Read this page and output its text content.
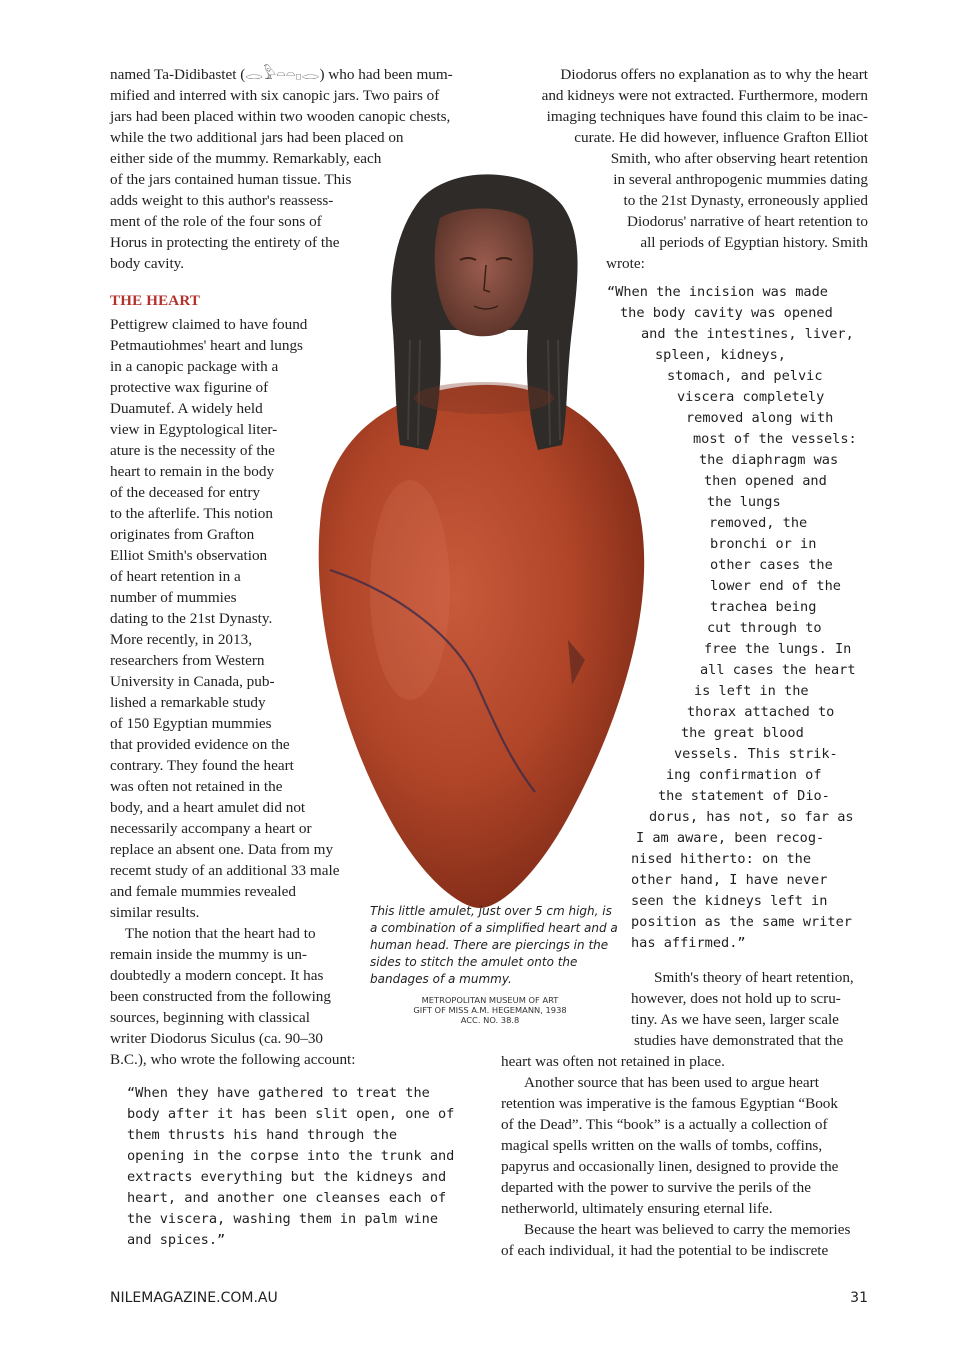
named Ta-Didibastet (𓂋𓅱𓏏𓏏𓊪𓂋) who had been mum-
mified and interred with six canopic jars. Two pairs of
jars had been placed within two wooden canopic chests,
while the two additional jars had been placed on
either side of the mummy. Remarkably, each
of the jars contained human tissue. This
adds weight to this author's reassess-
ment of the role of the four sons of
Horus in protecting the entirety of the
body cavity.
THE HEART
Pettigrew claimed to have found
Petmautiohmes' heart and lungs
in a canopic package with a
protective wax figurine of
Duamutef. A widely held
view in Egyptological liter-
ature is the necessity of the
heart to remain in the body
of the deceased for entry
to the afterlife. This notion
originates from Grafton
Elliot Smith's observation
of heart retention in a
number of mummies
dating to the 21st Dynasty.
More recently, in 2013,
researchers from Western
University in Canada, pub-
lished a remarkable study
of 150 Egyptian mummies
that provided evidence on the
contrary. They found the heart
was often not retained in the
body, and a heart amulet did not
necessarily accompany a heart or
replace an absent one. Data from my
recemt study of an additional 33 male
and female mummies revealed
similar results.
The notion that the heart had to
remain inside the mummy is un-
doubtedly a modern concept. It has
been constructed from the following
sources, beginning with classical
writer Diodorus Siculus (ca. 90–30
B.C.), who wrote the following account:
“When they have gathered to treat the
body after it has been slit open, one of
them thrusts his hand through the
opening in the corpse into the trunk and
extracts everything but the kidneys and
heart, and another one cleanses each of
the viscera, washing them in palm wine
and spices.”
Diodorus offers no explanation as to why the heart
and kidneys were not extracted. Furthermore, modern
imaging techniques have found this claim to be inac-
curate. He did however, influence Grafton Elliot
Smith, who after observing heart retention
in several anthropogenic mummies dating
to the 21st Dynasty, erroneously applied
Diodorus' narrative of heart retention to
all periods of Egyptian history. Smith
wrote:
“When the incision was made
the body cavity was opened
and the intestines, liver,
spleen, kidneys,
stomach, and pelvic
viscera completely
removed along with
most of the vessels:
the diaphragm was
then opened and
the lungs
removed, the
bronchi or in
other cases the
lower end of the
trachea being
cut through to
free the lungs. In
all cases the heart
is left in the
thorax attached to
the great blood
vessels. This strik-
ing confirmation of
the statement of Dio-
dorus, has not, so far as
I am aware, been recog-
nised hitherto: on the
other hand, I have never
seen the kidneys left in
position as the same writer
has affirmed.”
Smith's theory of heart retention,
however, does not hold up to scru-
tiny. As we have seen, larger scale
studies have demonstrated that the
heart was often not retained in place.
Another source that has been used to argue heart
retention was imperative is the famous Egyptian “Book
of the Dead”. This “book” is a actually a collection of
magical spells written on the walls of tombs, coffins,
papyrus and occasionally linen, designed to provide the
departed with the power to survive the perils of the
netherworld, ultimately ensuring eternal life.
Because the heart was believed to carry the memories
of each individual, it had the potential to be indiscrete
This little amulet, just over 5 cm high, is a combination of a simplified heart and a human head. There are piercings in the sides to stitch the amulet onto the bandages of a mummy.
METROPOLITAN MUSEUM OF ART
GIFT OF MISS A.M. HEGEMANN, 1938
ACC. NO. 38.8
NILEMAGAZINE.COM.AU	31
